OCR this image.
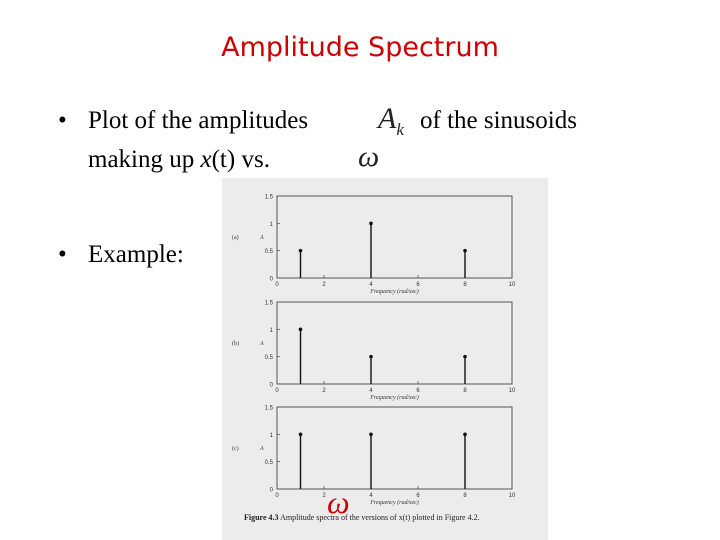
Amplitude Spectrum
• Plot of the amplitudes	of the sinusoids
making up x(t) vs.
$A_k$
ω
• Example:
0
0.5
1
1.5
0	2	4	6	8	10
Frequency (rad/sec)
A
(a)
0
0.5
1
1.5
0	2	4	6	8	10
Frequency (rad/sec)
A
(b)
0
0.5
1
1.5
0	2	4	6	8	10
Frequency (rad/sec)
A
(c)
Figure 4.3 Amplitude spectra of the versions of x(t) plotted in Figure 4.2.
ω
